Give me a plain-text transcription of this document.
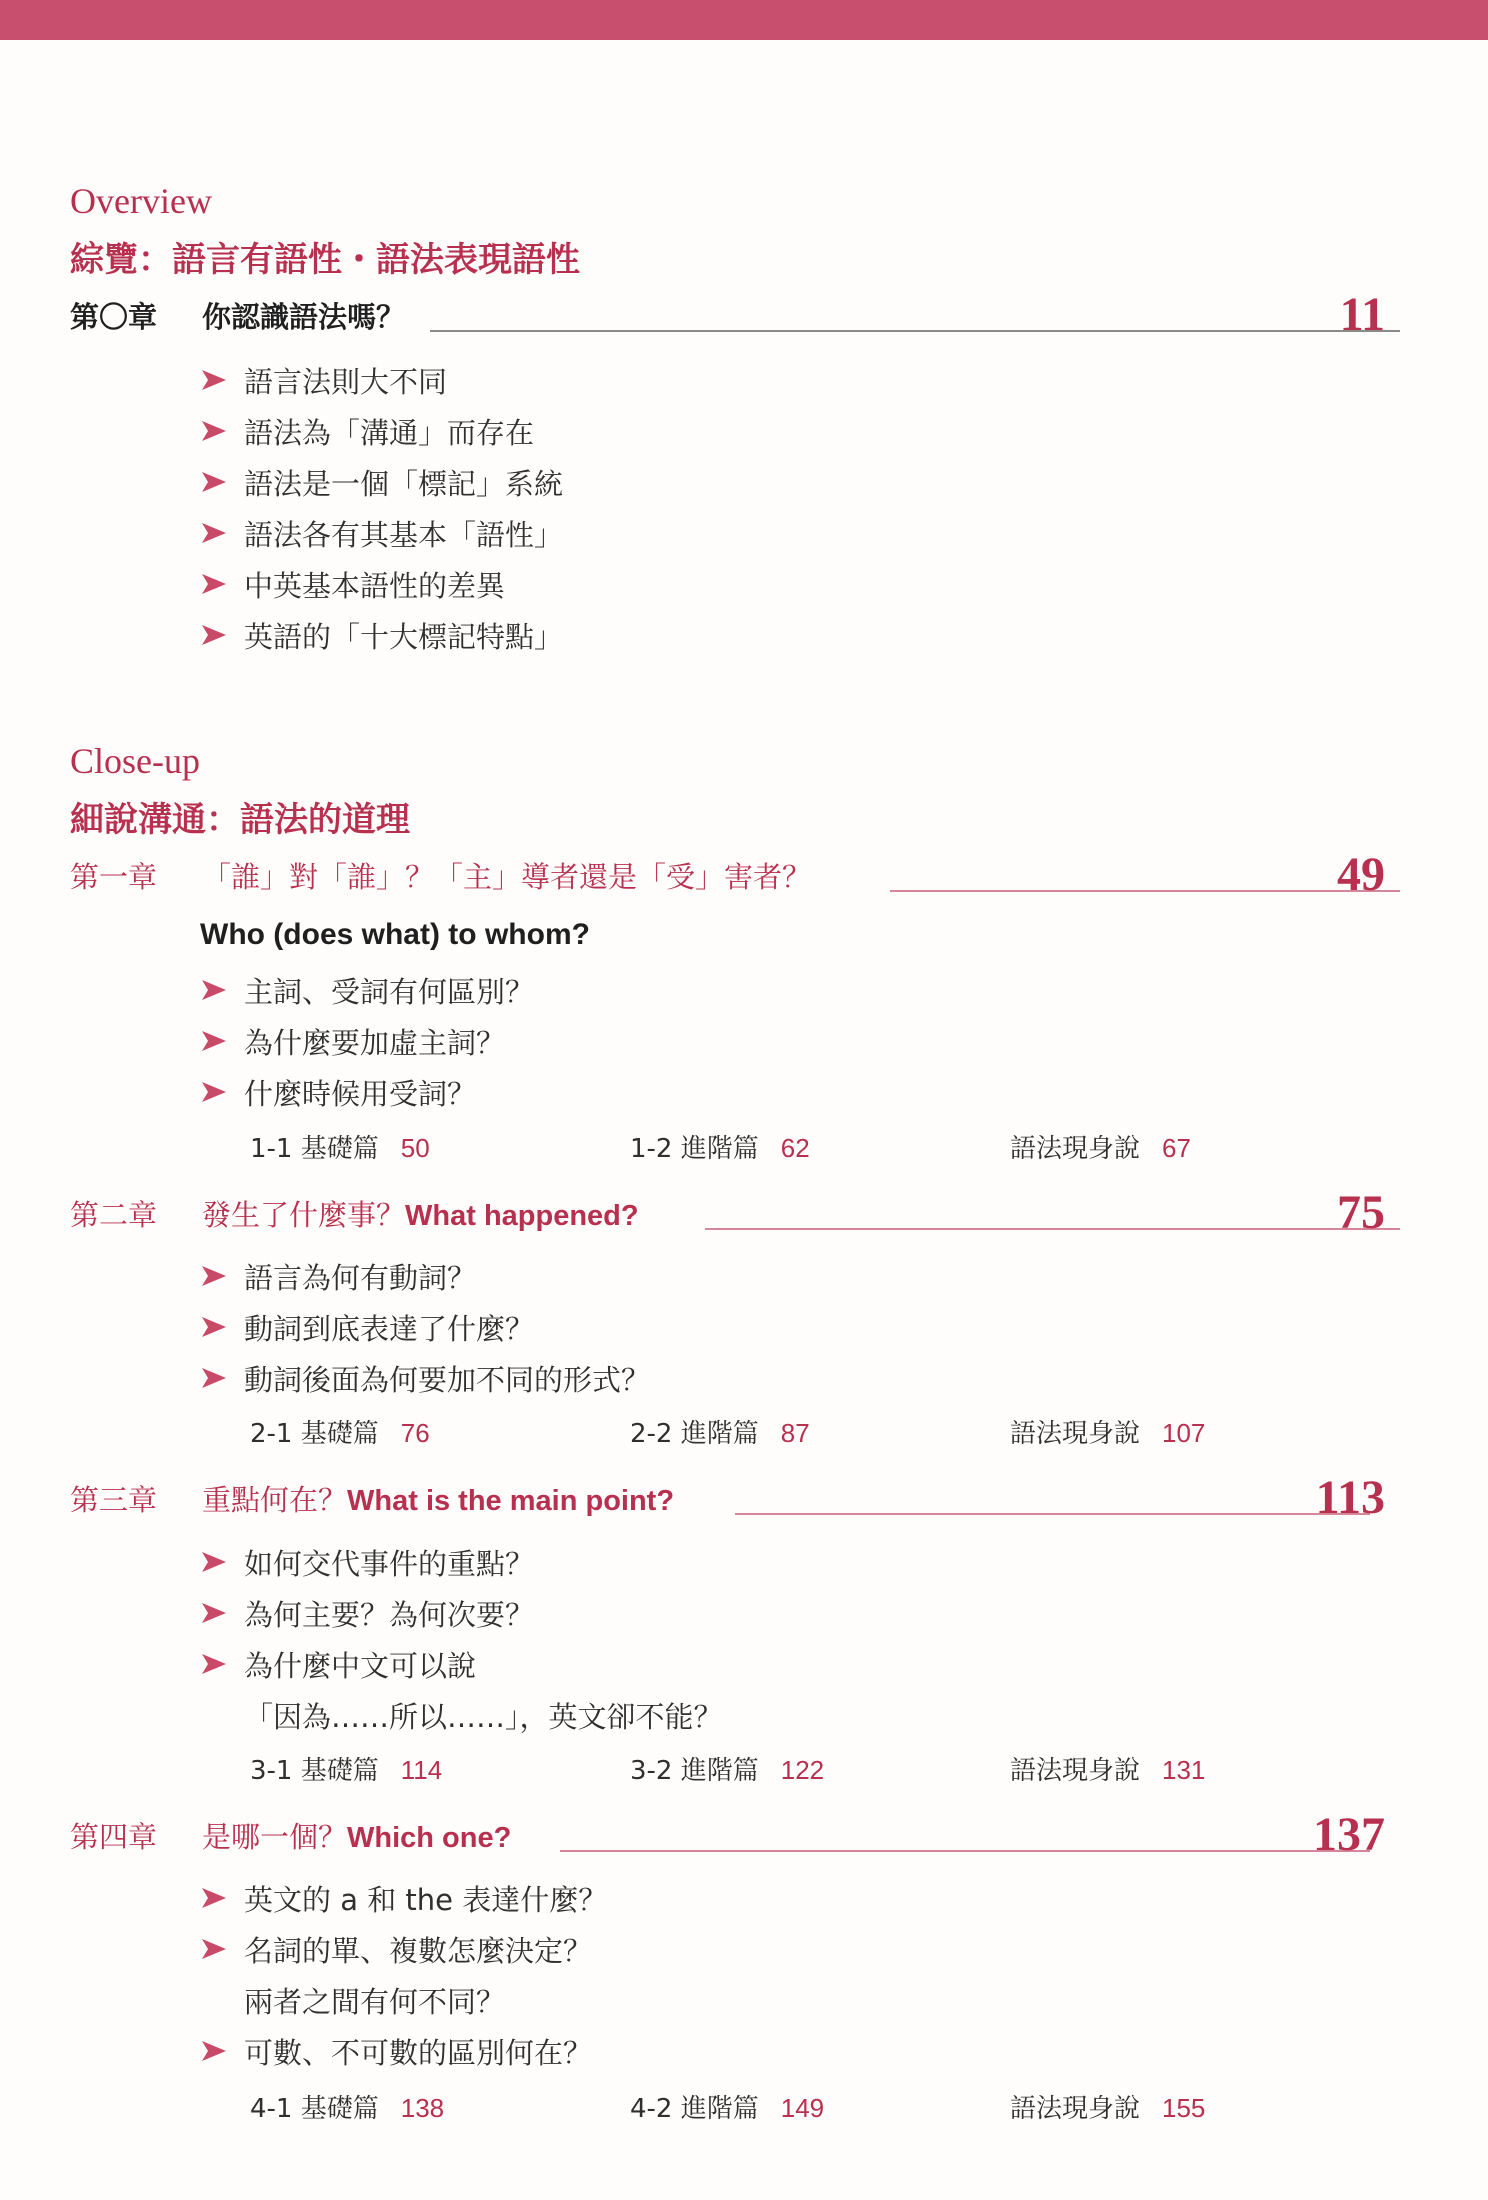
Overview
綜覽：語言有語性・語法表現語性
第〇章 你認識語法嗎？	11
語言法則大不同
語法為「溝通」而存在
語法是一個「標記」系統
語法各有其基本「語性」
中英基本語性的差異
英語的「十大標記特點」
Close-up
細說溝通：語法的道理
第一章 「誰」對「誰」？「主」導者還是「受」害者？	49
Who (does what) to whom?
主詞、受詞有何區別？
為什麼要加虛主詞？
什麼時候用受詞？
1-1 基礎篇 50	1-2 進階篇 62	語法現身說 67
第二章 發生了什麼事？What happened?	75
語言為何有動詞？
動詞到底表達了什麼？
動詞後面為何要加不同的形式？
2-1 基礎篇 76	2-2 進階篇 87	語法現身說 107
第三章 重點何在？What is the main point?	113
如何交代事件的重點？
為何主要？為何次要？
為什麼中文可以說
「因為……所以……」，英文卻不能？
3-1 基礎篇 114	3-2 進階篇 122	語法現身說 131
第四章 是哪一個？Which one?	137
英文的 a 和 the 表達什麼？
名詞的單、複數怎麼決定？
兩者之間有何不同？
可數、不可數的區別何在？
4-1 基礎篇 138	4-2 進階篇 149	語法現身說 155
